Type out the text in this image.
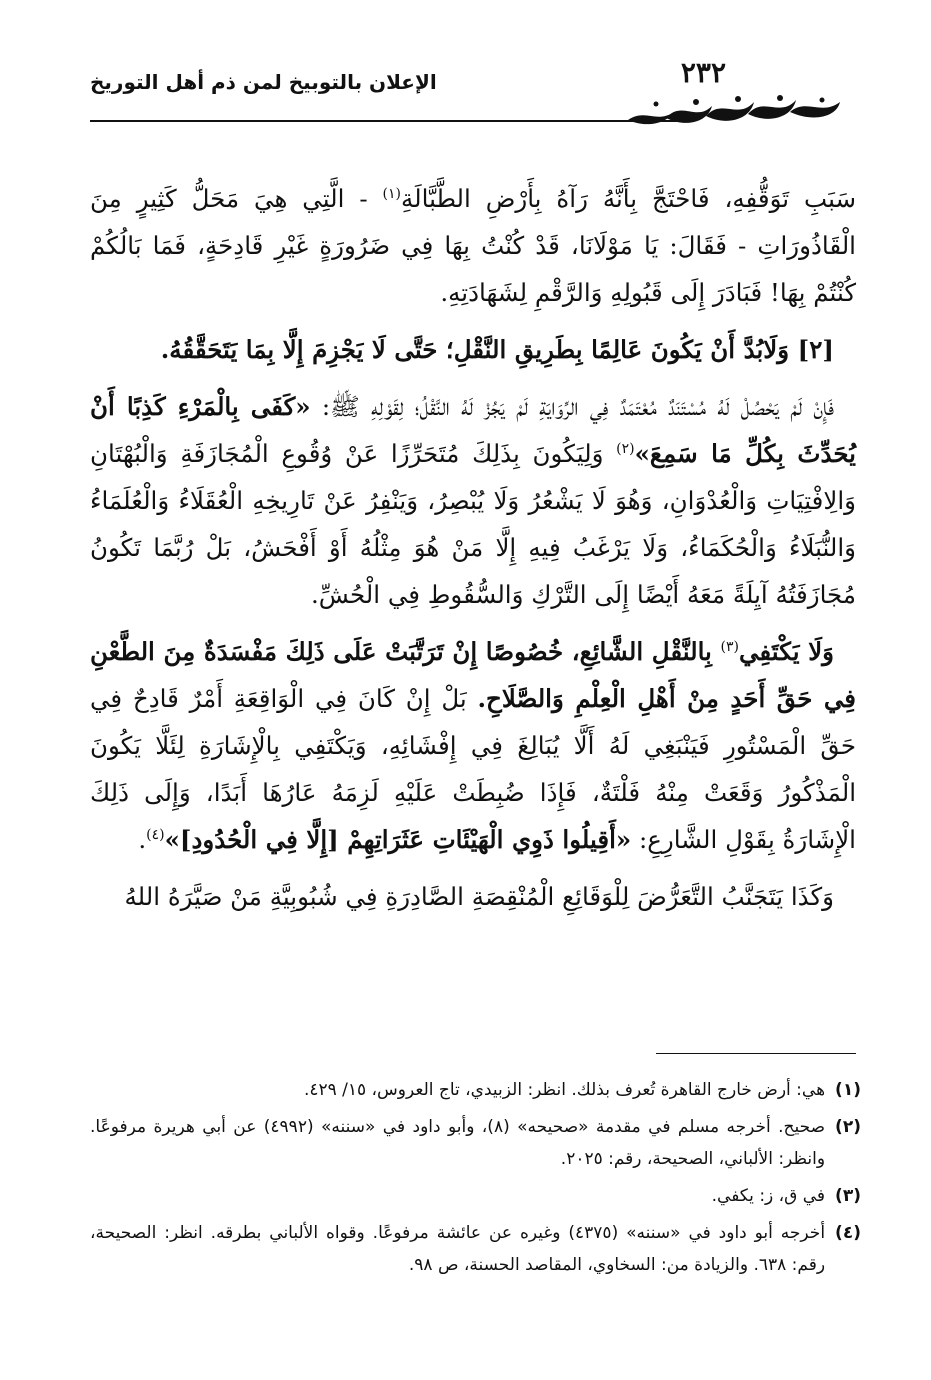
٢٣٢
الإعلان بالتوبيخ لمن ذم أهل التوريخ

سَبَبِ تَوَقُّفِهِ، فَاحْتَجَّ بِأَنَّهُ رَآهُ بِأَرْضِ الطَّبَّالَةِ$^{(١)}$ - الَّتِي هِيَ مَحَلُّ كَثِيرٍ مِنَ الْقَاذُورَاتِ - فَقَالَ: يَا مَوْلَانَا، قَدْ كُنْتُ بِهَا فِي ضَرُورَةٍ غَيْرِ قَادِحَةٍ، فَمَا بَالُكُمْ كُنْتُمْ بِهَا! فَبَادَرَ إِلَى قَبُولِهِ وَالرَّقْمِ لِشَهَادَتِهِ.

[٢] وَلَابُدَّ أَنْ يَكُونَ عَالِمًا بِطَرِيقِ النَّقْلِ؛ حَتَّى لَا يَجْزِمَ إِلَّا بِمَا يَتَحَقَّقُهُ.

فَإِنْ لَمْ يَحْصُلْ لَهُ مُسْتَنَدٌ مُعْتَمَدٌ فِي الرِّوَايَةِ لَمْ يَجُزْ لَهُ النَّقْلُ؛ لِقَوْلِهِ ﷺ: «كَفَى بِالْمَرْءِ كَذِبًا أَنْ يُحَدِّثَ بِكُلِّ مَا سَمِعَ»$^{(٢)}$ وَلِيَكُونَ بِذَلِكَ مُتَحَرِّزًا عَنْ وُقُوعِ الْمُجَازَفَةِ وَالْبُهْتَانِ وَالِافْتِيَاتِ وَالْعُدْوَانِ، وَهُوَ لَا يَشْعُرُ وَلَا يُبْصِرُ، وَيَنْفِرُ عَنْ تَارِيخِهِ الْعُقَلَاءُ وَالْعُلَمَاءُ وَالنُّبَلَاءُ وَالْحُكَمَاءُ، وَلَا يَرْغَبُ فِيهِ إِلَّا مَنْ هُوَ مِثْلُهُ أَوْ أَفْحَشُ، بَلْ رُبَّمَا تَكُونُ مُجَازَفَتُهُ آيِلَةً مَعَهُ أَيْضًا إِلَى التَّرْكِ وَالسُّقُوطِ فِي الْحُشِّ.

وَلَا يَكْتَفِي$^{(٣)}$ بِالنَّقْلِ الشَّائِعِ، خُصُوصًا إِنْ تَرَتَّبَتْ عَلَى ذَلِكَ مَفْسَدَةٌ مِنَ الطَّعْنِ فِي حَقِّ أَحَدٍ مِنْ أَهْلِ الْعِلْمِ وَالصَّلَاحِ. بَلْ إِنْ كَانَ فِي الْوَاقِعَةِ أَمْرٌ قَادِحٌ فِي حَقِّ الْمَسْتُورِ فَيَنْبَغِي لَهُ أَلَّا يُبَالِغَ فِي إِفْشَائِهِ، وَيَكْتَفِي بِالْإِشَارَةِ لِئَلَّا يَكُونَ الْمَذْكُورُ وَقَعَتْ مِنْهُ فَلْتَةٌ، فَإِذَا ضُبِطَتْ عَلَيْهِ لَزِمَهُ عَارُهَا أَبَدًا، وَإِلَى ذَلِكَ الْإِشَارَةُ بِقَوْلِ الشَّارِعِ: «أَقِيلُوا ذَوِي الْهَيْئَاتِ عَثَرَاتِهِمْ [إِلَّا فِي الْحُدُودِ]»$^{(٤)}$.

وَكَذَا يَتَجَنَّبُ التَّعَرُّضَ لِلْوَقَائِعِ الْمُنْقِصَةِ الصَّادِرَةِ فِي شُبُوبِيَّةِ مَنْ صَيَّرَهُ اللهُ

(١)
هي: أرض خارج القاهرة تُعرف بذلك. انظر: الزبيدي، تاج العروس، ١٥/ ٤٢٩.
(٢)
صحيح. أخرجه مسلم في مقدمة «صحيحه» (٨)، وأبو داود في «سننه» (٤٩٩٢) عن أبي هريرة مرفوعًا. وانظر: الألباني، الصحيحة، رقم: ٢٠٢٥.
(٣)
في ق، ز: يكفي.
(٤)
أخرجه أبو داود في «سننه» (٤٣٧٥) وغيره عن عائشة مرفوعًا. وقواه الألباني بطرقه. انظر: الصحيحة، رقم: ٦٣٨. والزيادة من: السخاوي، المقاصد الحسنة، ص ٩٨.
